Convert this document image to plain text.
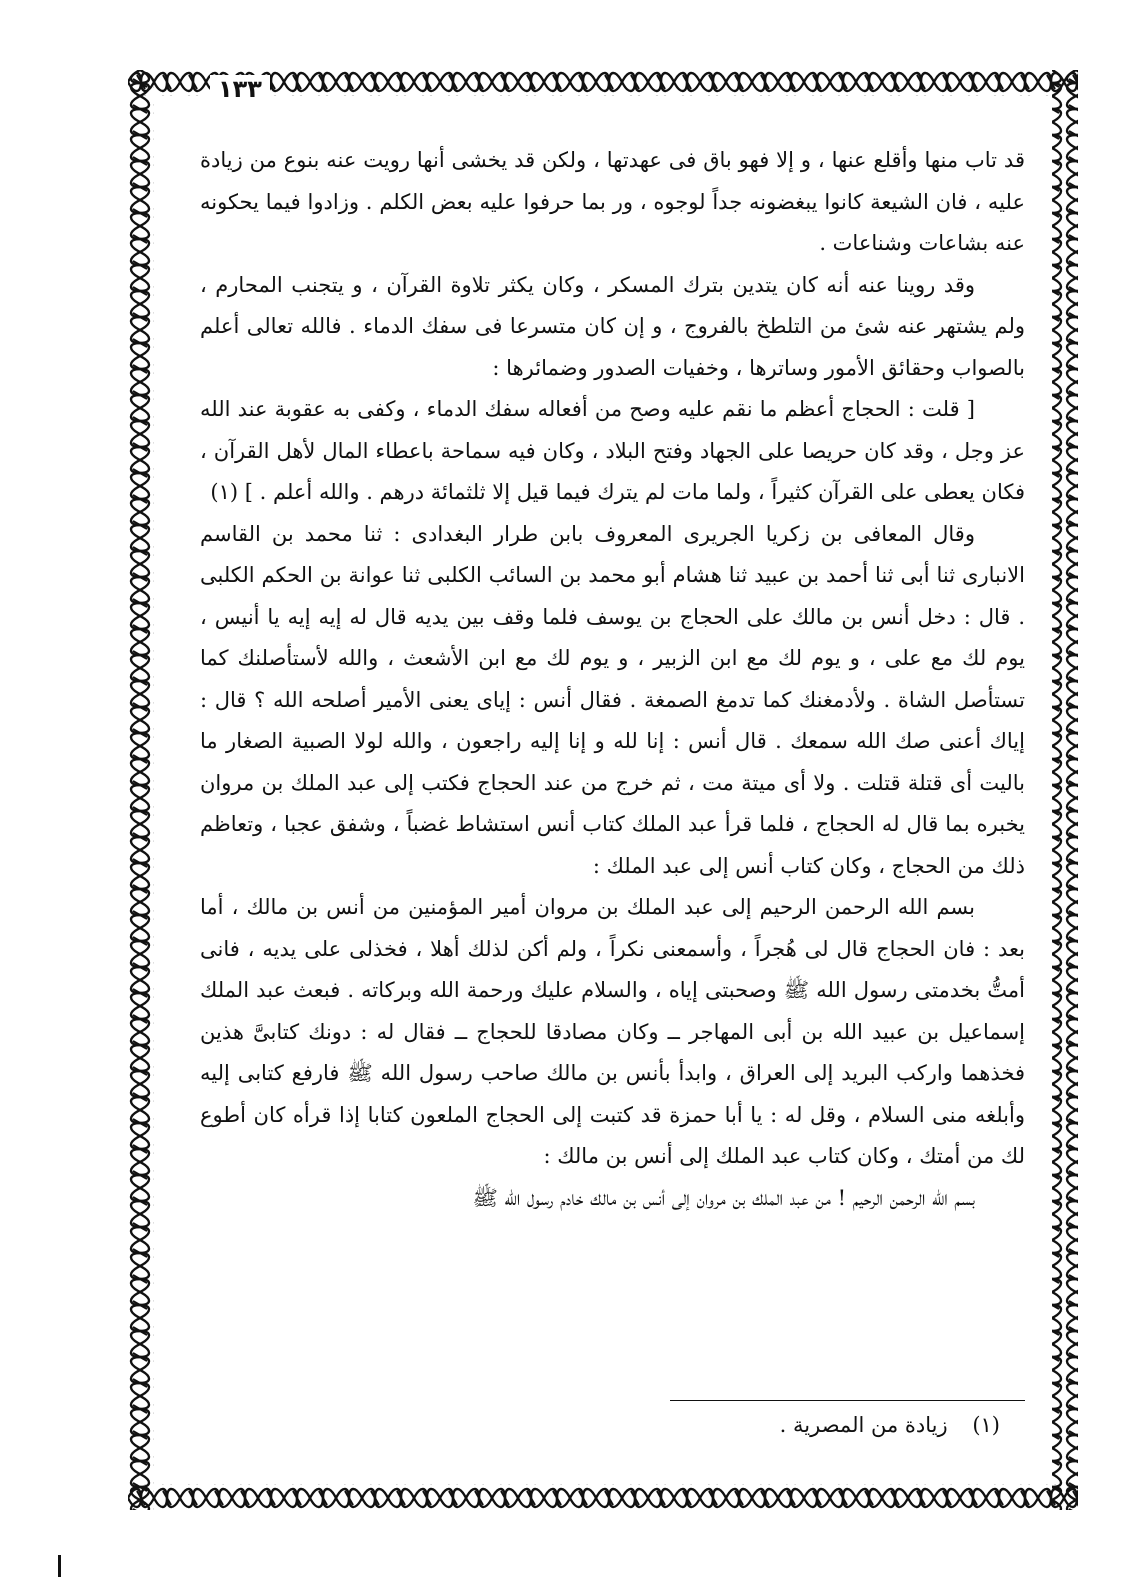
١٣٣

قد تاب منها وأقلع عنها ، و إلا فهو باق فى عهدتها ، ولكن قد يخشى أنها رويت عنه بنوع من زيادة عليه ، فان الشيعة كانوا يبغضونه جداً لوجوه ، ور بما حرفوا عليه بعض الكلم . وزادوا فيما يحكونه عنه بشاعات وشناعات .

وقد روينا عنه أنه كان يتدين بترك المسكر ، وكان يكثر تلاوة القرآن ، و يتجنب المحارم ، ولم يشتهر عنه شئ من التلطخ بالفروج ، و إن كان متسرعا فى سفك الدماء . فالله تعالى أعلم بالصواب وحقائق الأمور وساترها ، وخفيات الصدور وضمائرها :

[ قلت : الحجاج أعظم ما نقم عليه وصح من أفعاله سفك الدماء ، وكفى به عقوبة عند الله عز وجل ، وقد كان حريصا على الجهاد وفتح البلاد ، وكان فيه سماحة باعطاء المال لأهل القرآن ، فكان يعطى على القرآن كثيراً ، ولما مات لم يترك فيما قيل إلا ثلثمائة درهم . والله أعلم . ] (١)

وقال المعافى بن زكريا الجريرى المعروف بابن طرار البغدادى : ثنا محمد بن القاسم الانبارى ثنا أبى ثنا أحمد بن عبيد ثنا هشام أبو محمد بن السائب الكلبى ثنا عوانة بن الحكم الكلبى . قال : دخل أنس بن مالك على الحجاج بن يوسف فلما وقف بين يديه قال له إيه إيه يا أنيس ، يوم لك مع على ، و يوم لك مع ابن الزبير ، و يوم لك مع ابن الأشعث ، والله لأستأصلنك كما تستأصل الشاة . ولأدمغنك كما تدمغ الصمغة . فقال أنس : إياى يعنى الأمير أصلحه الله ؟ قال : إياك أعنى صك الله سمعك . قال أنس : إنا لله و إنا إليه راجعون ، والله لولا الصبية الصغار ما باليت أى قتلة قتلت . ولا أى ميتة مت ، ثم خرج من عند الحجاج فكتب إلى عبد الملك بن مروان يخبره بما قال له الحجاج ، فلما قرأ عبد الملك كتاب أنس استشاط غضباً ، وشفق عجبا ، وتعاظم ذلك من الحجاج ، وكان كتاب أنس إلى عبد الملك :

بسم الله الرحمن الرحيم إلى عبد الملك بن مروان أمير المؤمنين من أنس بن مالك ، أما بعد : فان الحجاج قال لى هُجراً ، وأسمعنى نكراً ، ولم أكن لذلك أهلا ، فخذلى على يديه ، فانى أمتُّ بخدمتى رسول الله ﷺ وصحبتى إياه ، والسلام عليك ورحمة الله وبركاته . فبعث عبد الملك إسماعيل بن عبيد الله بن أبى المهاجر ــ وكان مصادقا للحجاج ــ فقال له : دونك كتابىَّ هذين فخذهما واركب البريد إلى العراق ، وابدأ بأنس بن مالك صاحب رسول الله ﷺ فارفع كتابى إليه وأبلغه منى السلام ، وقل له : يا أبا حمزة قد كتبت إلى الحجاج الملعون كتابا إذا قرأه كان أطوع لك من أمتك ، وكان كتاب عبد الملك إلى أنس بن مالك :

بسم الله الرحمن الرحيم ! من عبد الملك بن مروان إلى أنس بن مالك خادم رسول الله ﷺ

(١) زيادة من المصرية .
